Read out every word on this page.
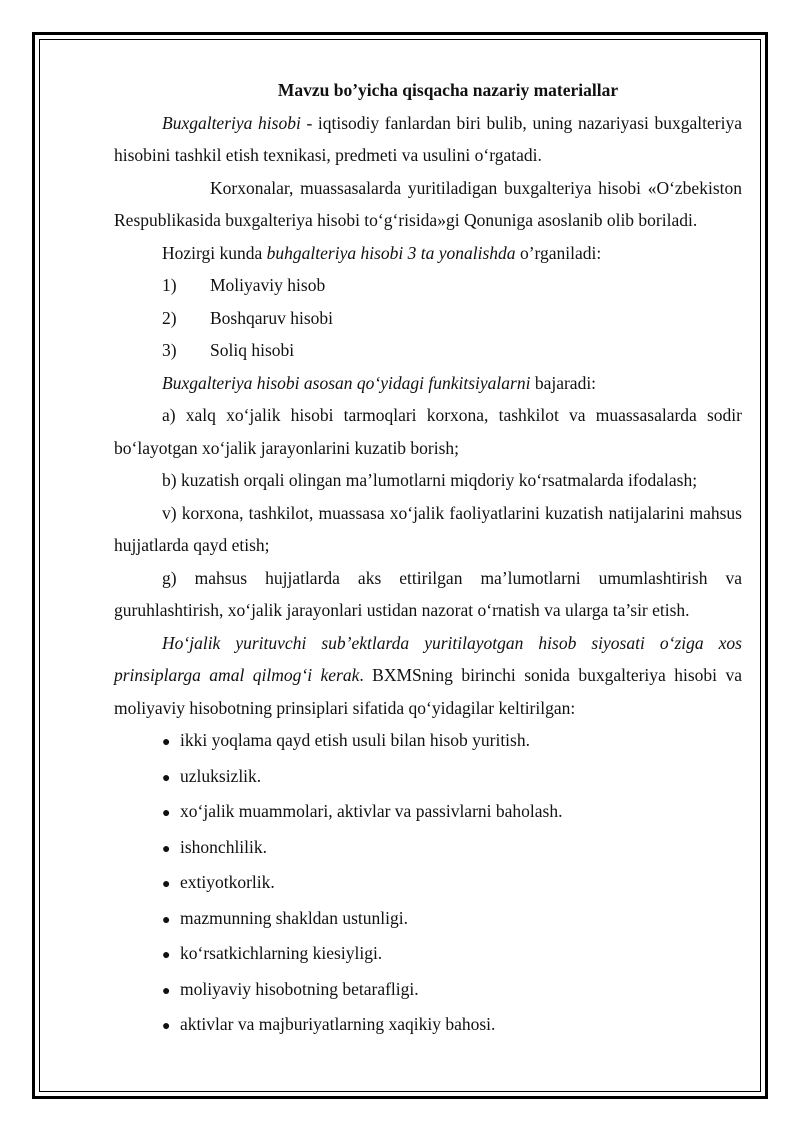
Mavzu bo’yicha qisqacha nazariy materiallar

Buxgalteriya hisobi - iqtisodiy fanlardan biri bulib, uning nazariyasi buxgalteriya hisobini tashkil etish texnikasi, predmeti va usulini oʻrgatadi.

Korxonalar, muassasalarda yuritiladigan buxgalteriya hisobi «Oʻzbekiston Respublikasida buxgalteriya hisobi toʻgʻrisida»gi Qonuniga asoslanib olib boriladi.

Hozirgi kunda buhgalteriya hisobi 3 ta yonalishda o’rganiladi:

1)	Moliyaviy hisob
2)	Boshqaruv hisobi
3)	Soliq hisobi

Buxgalteriya hisobi asosan qoʻyidagi funkitsiyalarni bajaradi:

a) xalq xoʻjalik hisobi tarmoqlari korxona, tashkilot va muassasalarda sodir boʻlayotgan xoʻjalik jarayonlarini kuzatib borish;

b) kuzatish orqali olingan ma’lumotlarni miqdoriy koʻrsatmalarda ifodalash;

v) korxona, tashkilot, muassasa xoʻjalik faoliyatlarini kuzatish natijalarini mahsus hujjatlarda qayd etish;

g) mahsus hujjatlarda aks ettirilgan ma’lumotlarni umumlashtirish va guruhlashtirish, xoʻjalik jarayonlari ustidan nazorat oʻrnatish va ularga ta’sir etish.

Hoʻjalik yurituvchi sub’ektlarda yuritilayotgan hisob siyosati oʻziga xos prinsiplarga amal qilmogʻi kerak. BXMSning birinchi sonida buxgalteriya hisobi va moliyaviy hisobotning prinsiplari sifatida qoʻyidagilar keltirilgan:

● ikki yoqlama qayd etish usuli bilan hisob yuritish.
● uzluksizlik.
● xoʻjalik muammolari, aktivlar va passivlarni baholash.
● ishonchlilik.
● extiyotkorlik.
● mazmunning shakldan ustunligi.
● koʻrsatkichlarning kiesiyligi.
● moliyaviy hisobotning betarafligi.
● aktivlar va majburiyatlarning xaqikiy bahosi.
